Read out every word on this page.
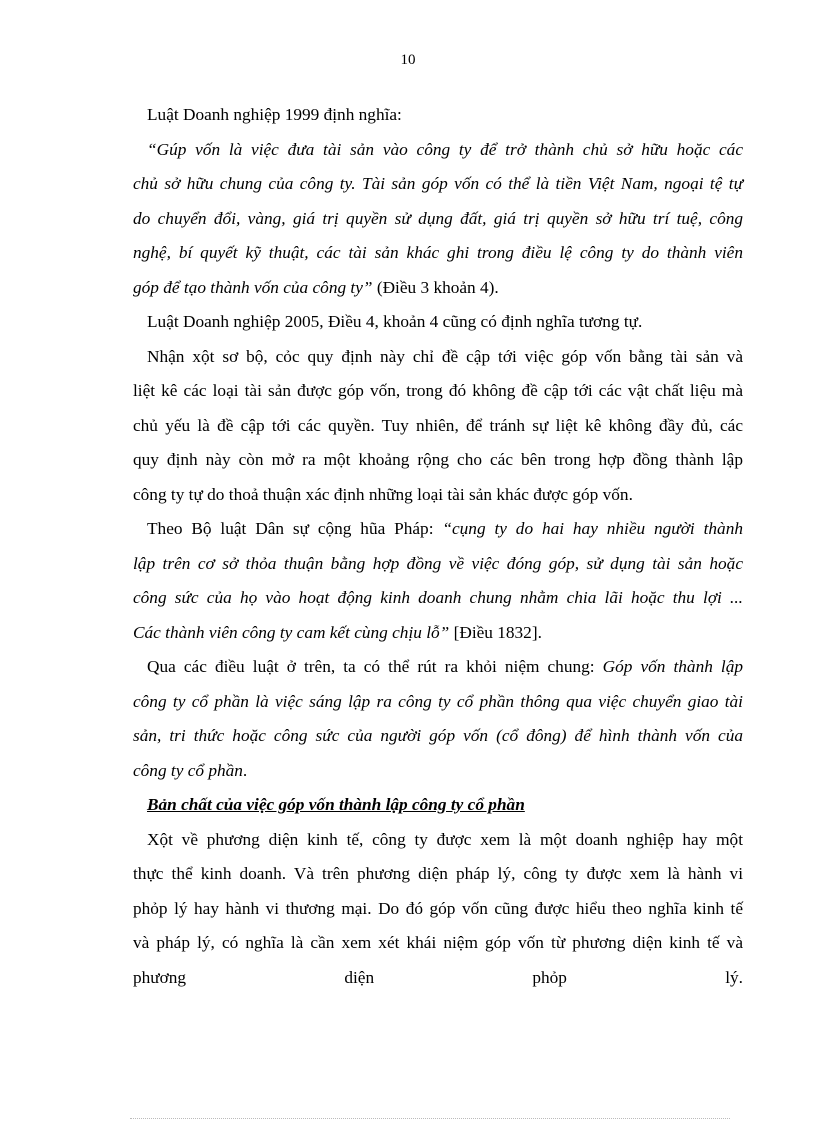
10
Luật Doanh nghiệp 1999 định nghĩa:
“Gúp vốn là việc đưa tài sản vào công ty để trở thành chủ sở hữu hoặc các
chủ sở hữu chung của công ty. Tài sản góp vốn có thể là tiền Việt Nam, ngoại tệ tự
do chuyển đổi, vàng, giá trị quyền sử dụng đất, giá trị quyền sở hữu trí tuệ, công
nghệ, bí quyết kỹ thuật, các tài sản khác ghi trong điều lệ công ty do thành viên
góp để tạo thành vốn của công ty” (Điều 3 khoản 4).
Luật Doanh nghiệp 2005, Điều 4, khoản 4 cũng có định nghĩa tương tự.
Nhận xột sơ bộ, cỏc quy định này chỉ đề cập tới việc góp vốn bằng tài sản và
liệt kê các loại tài sản được góp vốn, trong đó không đề cập tới các vật chất liệu mà
chủ yếu là đề cập tới các quyền. Tuy nhiên, để tránh sự liệt kê không đầy đủ, các
quy định này còn mở ra một khoảng rộng cho các bên trong hợp đồng thành lập
công ty tự do thoả thuận xác định những loại tài sản khác được góp vốn.
Theo Bộ luật Dân sự cộng hũa Pháp: “cụng ty do hai hay nhiều người thành
lập trên cơ sở thỏa thuận bằng hợp đồng về việc đóng góp, sử dụng tài sản hoặc
công sức của họ vào hoạt động kinh doanh chung nhằm chia lãi hoặc thu lợi ...
Các thành viên công ty cam kết cùng chịu lỗ” [Điều 1832].
Qua các điều luật ở trên, ta có thể rút ra khỏi niệm chung: Góp vốn thành lập
công ty cổ phần là việc sáng lập ra công ty cổ phần thông qua việc chuyển giao tài
sản, tri thức hoặc công sức của người góp vốn (cổ đông) để hình thành vốn của
công ty cổ phần.
Bản chất của việc góp vốn thành lập công ty cổ phần
Xột về phương diện kinh tế, công ty được xem là một doanh nghiệp hay một
thực thể kinh doanh. Và trên phương diện pháp lý, công ty được xem là hành vi
phỏp lý hay hành vi thương mại. Do đó góp vốn cũng được hiểu theo nghĩa kinh tế
và pháp lý, có nghĩa là cần xem xét khái niệm góp vốn từ phương diện kinh tế và
phương	diện	phỏp	lý.
